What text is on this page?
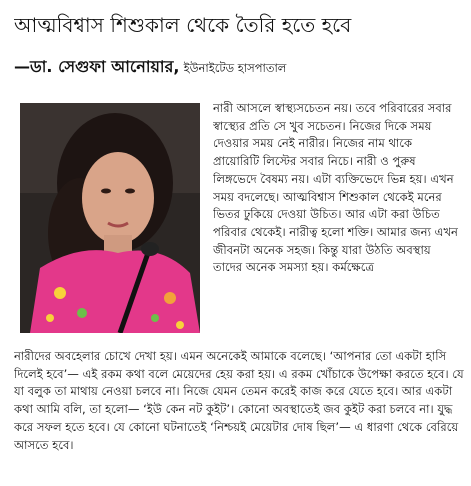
আত্মবিশ্বাস শিশুকাল থেকে তৈরি হতে হবে
—ডা. সেগুফা আনোয়ার, ইউনাইটেড হাসপাতাল

নারী আসলে স্বাস্থ্যসচেতন নয়। তবে পরিবারের সবার স্বাস্থ্যের প্রতি সে খুব সচেতন। নিজের দিকে সময় দেওয়ার সময় নেই নারীর। নিজের নাম থাকে প্রায়োরিটি লিস্টের সবার নিচে। নারী ও পুরুষ লিঙ্গভেদে বৈষম্য নয়। এটা ব্যক্তিভেদে ভিন্ন হয়। এখন সময় বদলেছে। আত্মবিশ্বাস শিশুকাল থেকেই মনের ভিতর ঢুকিয়ে দেওয়া উচিত। আর এটা করা উচিত পরিবার থেকেই। নারীত্ব হলো শক্তি। আমার জন্য এখন জীবনটা অনেক সহজ। কিন্তু যারা উঠতি অবস্থায় তাদের অনেক সমস্যা হয়। কর্মক্ষেত্রে

নারীদের অবহেলার চোখে দেখা হয়। এমন অনেকেই আমাকে বলেছে। ‘আপনার তো একটা হাসি দিলেই হবে’— এই রকম কথা বলে মেয়েদের হেয় করা হয়। এ রকম খোঁচাকে উপেক্ষা করতে হবে। যে যা বলুক তা মাথায় নেওয়া চলবে না। নিজে যেমন তেমন করেই কাজ করে যেতে হবে। আর একটা কথা আমি বলি, তা হলো— ‘ইউ কেন নট কুইট’। কোনো অবস্থাতেই জব কুইট করা চলবে না। যুদ্ধ করে সফল হতে হবে। যে কোনো ঘটনাতেই ‘নিশ্চয়ই মেয়েটার দোষ ছিল’— এ ধারণা থেকে বেরিয়ে আসতে হবে।
